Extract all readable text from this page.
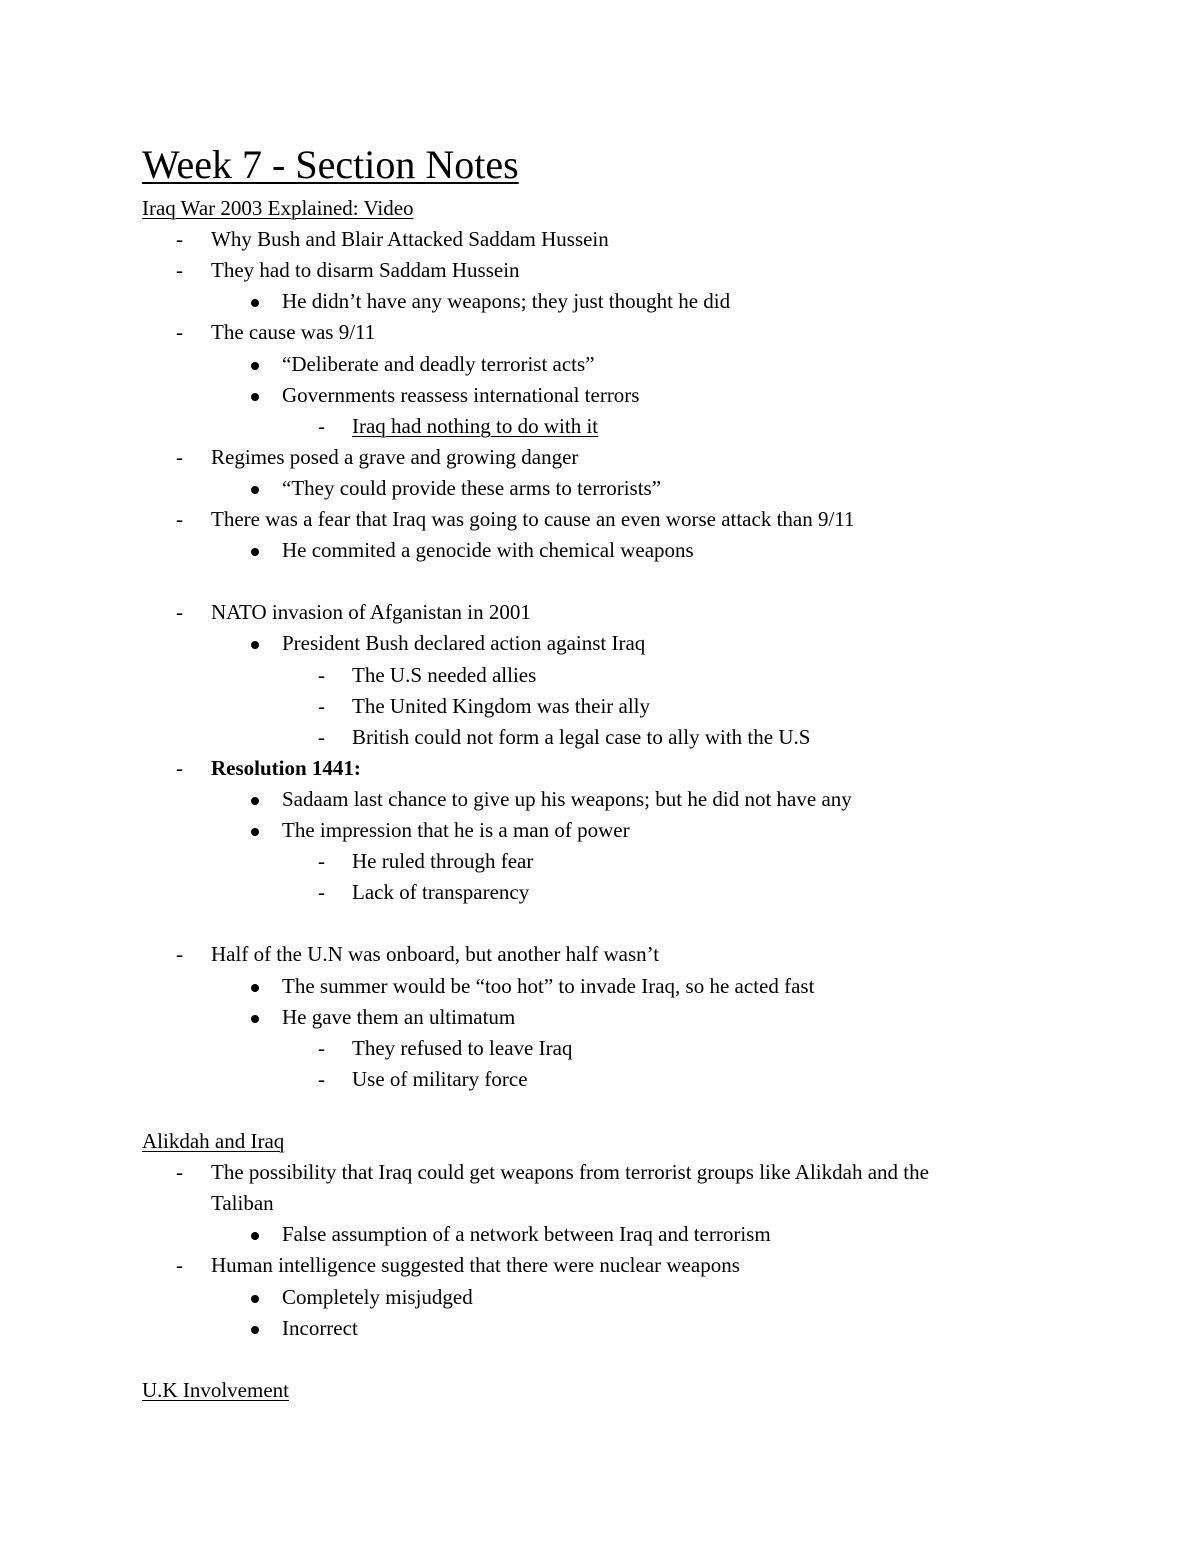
Week 7 - Section Notes
Iraq War 2003 Explained: Video
- Why Bush and Blair Attacked Saddam Hussein
- They had to disarm Saddam Hussein
He didn’t have any weapons; they just thought he did
- The cause was 9/11
“Deliberate and deadly terrorist acts”
Governments reassess international terrors
- Iraq had nothing to do with it
- Regimes posed a grave and growing danger
“They could provide these arms to terrorists”
- There was a fear that Iraq was going to cause an even worse attack than 9/11
He commited a genocide with chemical weapons
- NATO invasion of Afganistan in 2001
President Bush declared action against Iraq
- The U.S needed allies
- The United Kingdom was their ally
- British could not form a legal case to ally with the U.S
- Resolution 1441:
Sadaam last chance to give up his weapons; but he did not have any
The impression that he is a man of power
- He ruled through fear
- Lack of transparency
- Half of the U.N was onboard, but another half wasn’t
The summer would be “too hot” to invade Iraq, so he acted fast
He gave them an ultimatum
- They refused to leave Iraq
- Use of military force
Alikdah and Iraq
- The possibility that Iraq could get weapons from terrorist groups like Alikdah and the
Taliban
False assumption of a network between Iraq and terrorism
- Human intelligence suggested that there were nuclear weapons
Completely misjudged
Incorrect
U.K Involvement
